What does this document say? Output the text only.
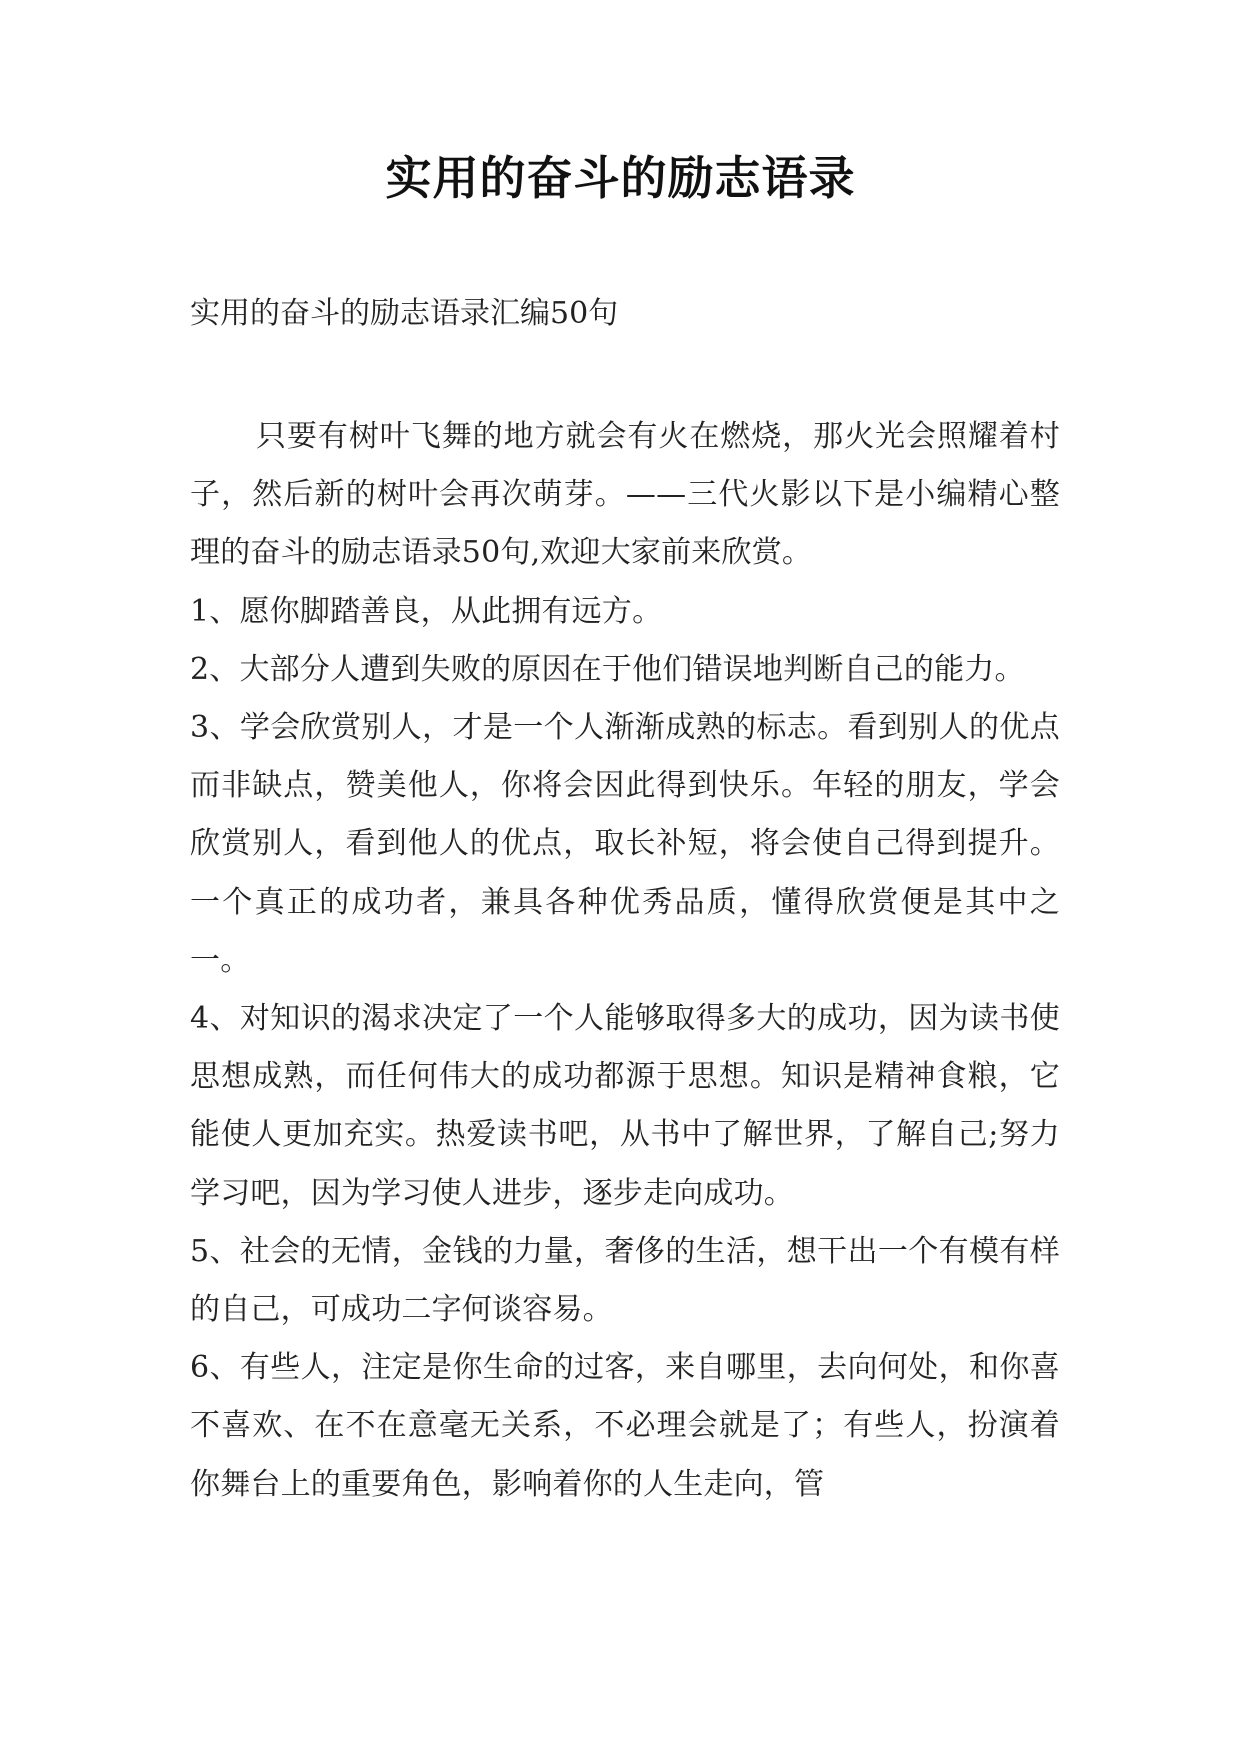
实用的奋斗的励志语录

实用的奋斗的励志语录汇编50句

只要有树叶飞舞的地方就会有火在燃烧，那火光会照耀着村子，然后新的树叶会再次萌芽。——三代火影以下是小编精心整理的奋斗的励志语录50句,欢迎大家前来欣赏。

1、愿你脚踏善良，从此拥有远方。

2、大部分人遭到失败的原因在于他们错误地判断自己的能力。

3、学会欣赏别人，才是一个人渐渐成熟的标志。看到别人的优点而非缺点，赞美他人，你将会因此得到快乐。年轻的朋友，学会欣赏别人，看到他人的优点，取长补短，将会使自己得到提升。一个真正的成功者，兼具各种优秀品质，懂得欣赏便是其中之一。

4、对知识的渴求决定了一个人能够取得多大的成功，因为读书使思想成熟，而任何伟大的成功都源于思想。知识是精神食粮，它能使人更加充实。热爱读书吧，从书中了解世界，了解自己;努力学习吧，因为学习使人进步，逐步走向成功。

5、社会的无情，金钱的力量，奢侈的生活，想干出一个有模有样的自己，可成功二字何谈容易。

6、有些人，注定是你生命的过客，来自哪里，去向何处，和你喜不喜欢、在不在意毫无关系，不必理会就是了；有些人，扮演着你舞台上的重要角色，影响着你的人生走向，管
